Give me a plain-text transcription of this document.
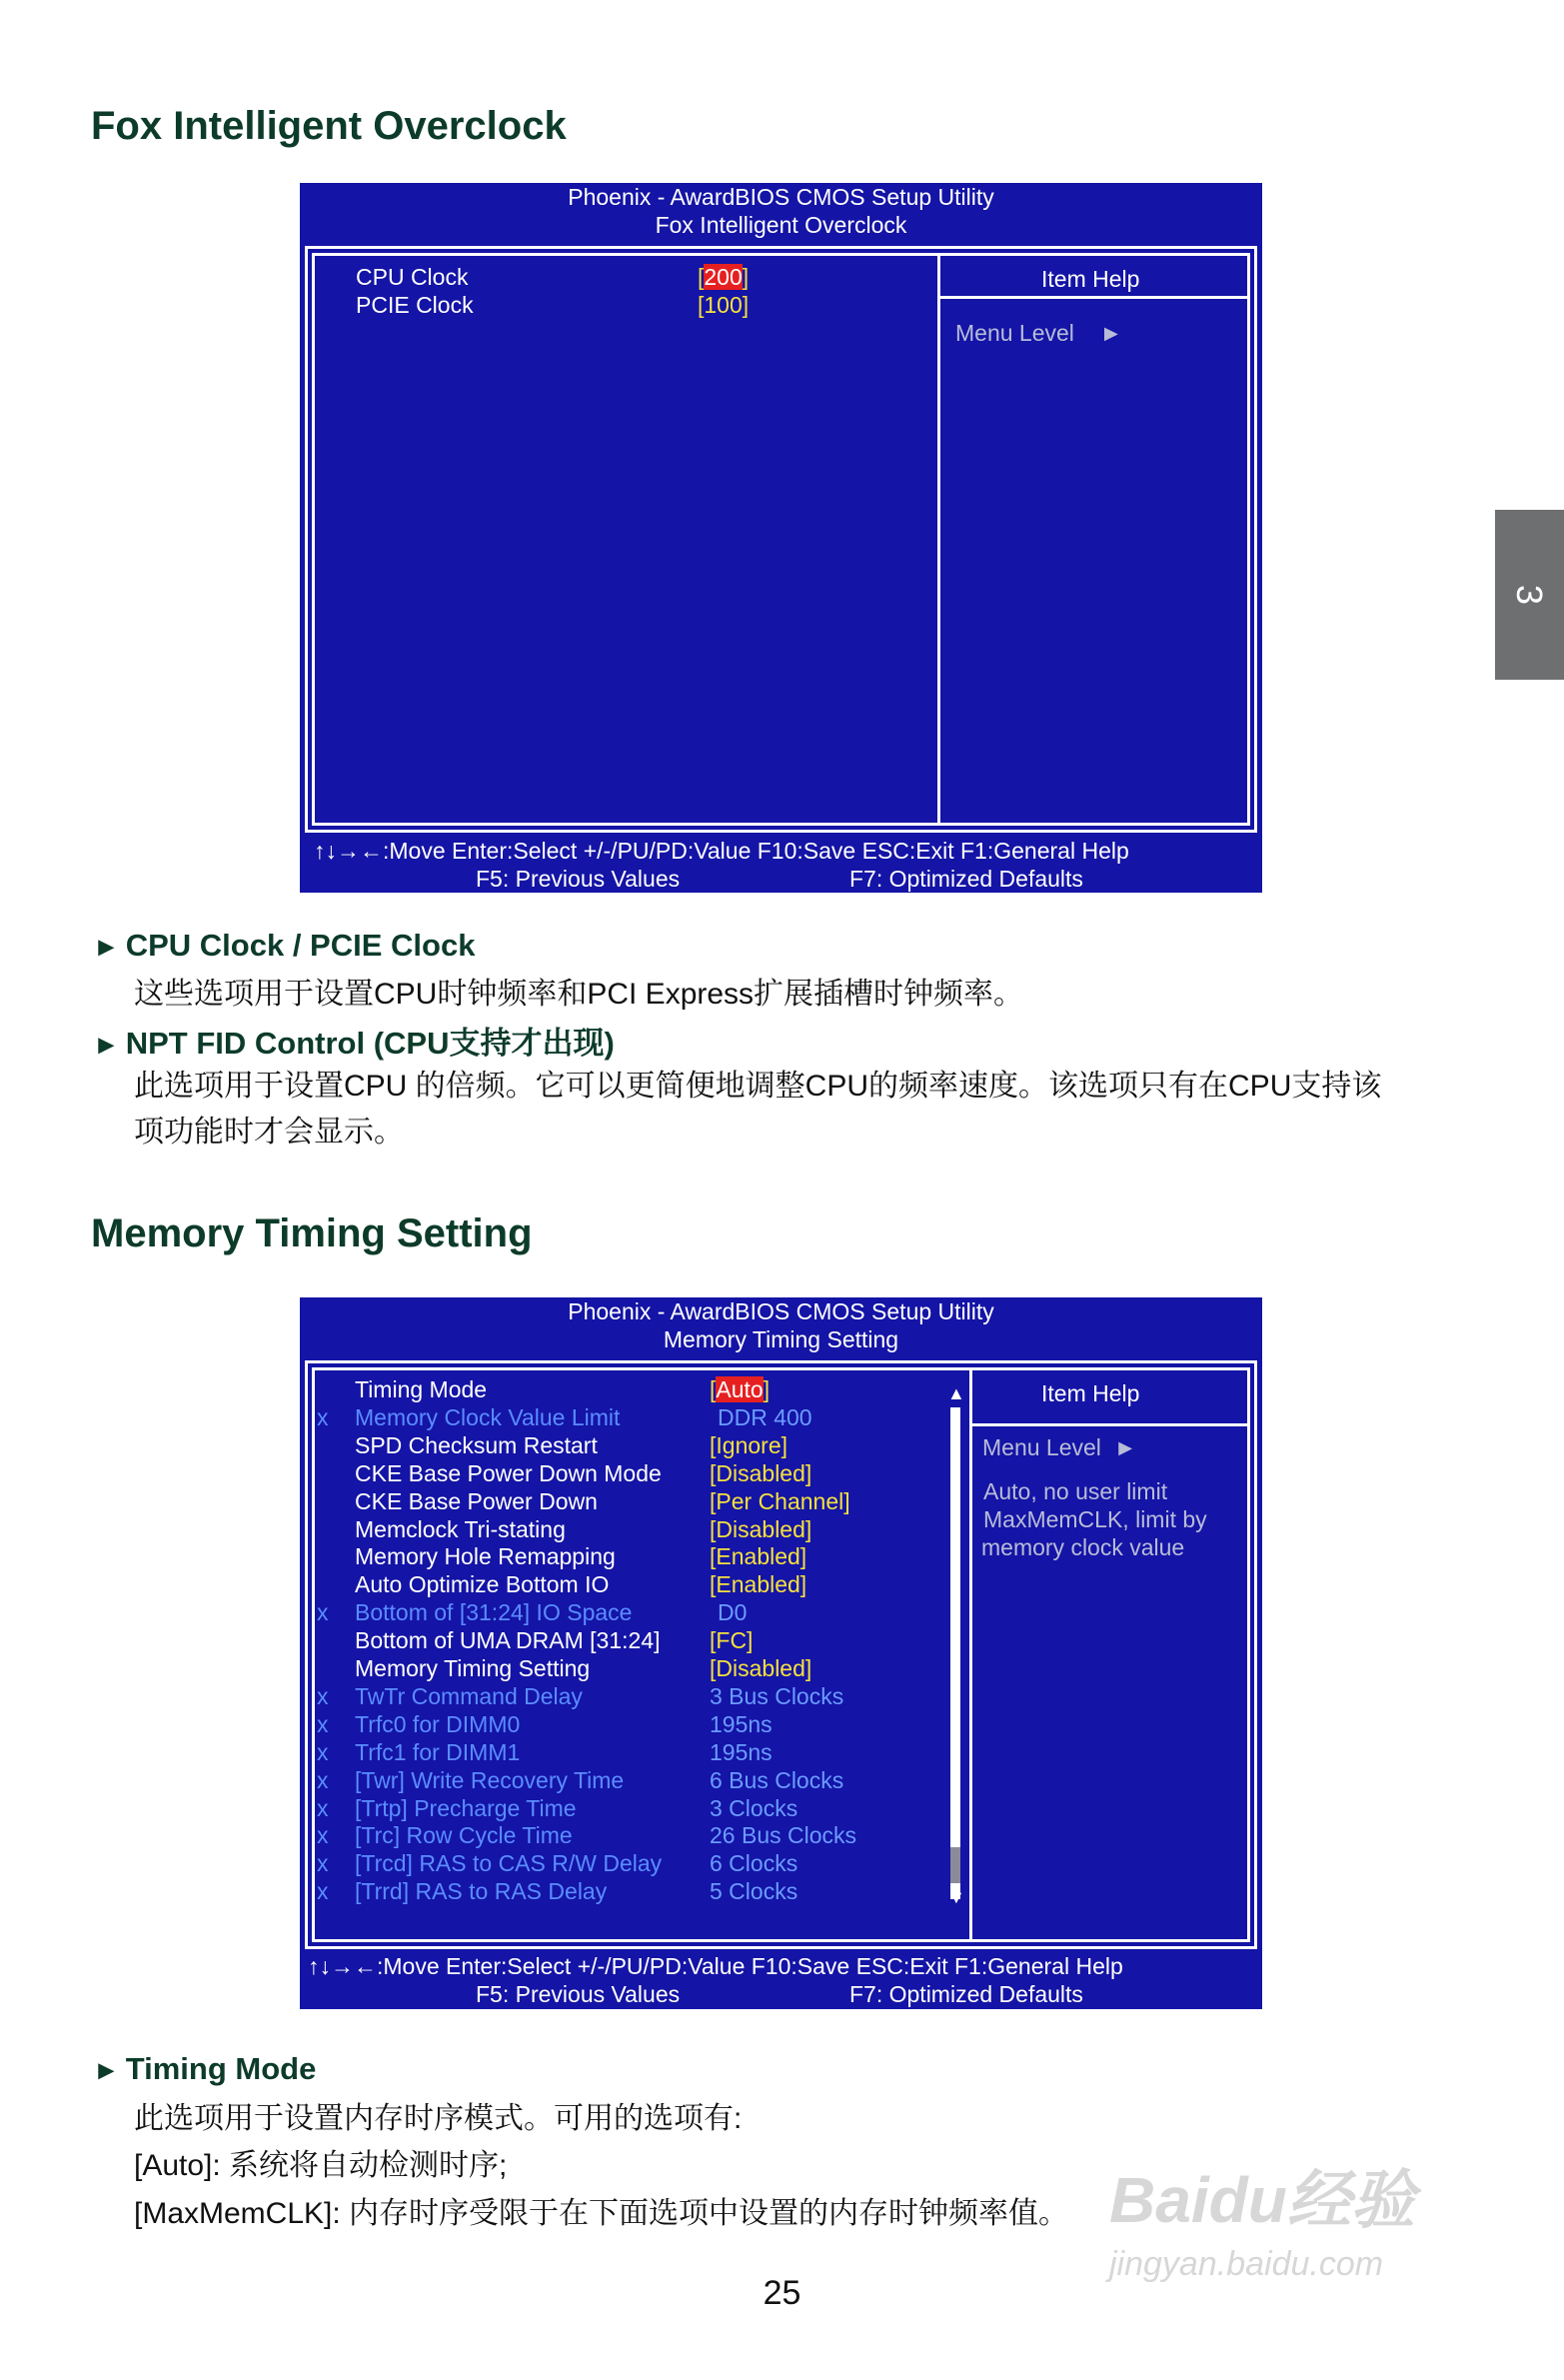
3
Fox Intelligent Overclock
Phoenix - AwardBIOS CMOS Setup Utility
Fox Intelligent Overclock
CPU Clock	[200]
PCIE Clock	[100]
Item Help
Menu Level ►
↑↓→←:Move Enter:Select +/-/PU/PD:Value F10:Save ESC:Exit F1:General Help
F5: Previous Values	F7: Optimized Defaults
► CPU Clock / PCIE Clock
这些选项用于设置CPU时钟频率和PCI Express扩展插槽时钟频率。
► NPT FID Control (CPU支持才出现)
此选项用于设置CPU 的倍频。它可以更简便地调整CPU的频率速度。该选项只有在CPU支持该
项功能时才会显示。
Memory Timing Setting
Phoenix - AwardBIOS CMOS Setup Utility
Memory Timing Setting
▲
▼
Timing Mode	[Auto]
x Memory Clock Value Limit	DDR 400
SPD Checksum Restart	[Ignore]
CKE Base Power Down Mode [Disabled]
CKE Base Power Down	[Per Channel]
Memclock Tri-stating	[Disabled]
Memory Hole Remapping	[Enabled]
Auto Optimize Bottom IO	[Enabled]
x Bottom of [31:24] IO Space	D0
Bottom of UMA DRAM [31:24] [FC]
Memory Timing Setting	[Disabled]
x TwTr Command Delay	3 Bus Clocks
x Trfc0 for DIMM0	195ns
x Trfc1 for DIMM1	195ns
x [Twr] Write Recovery Time	6 Bus Clocks
x [Trtp] Precharge Time	3 Clocks
x [Trc] Row Cycle Time	26 Bus Clocks
x [Trcd] RAS to CAS R/W Delay 6 Clocks
x [Trrd] RAS to RAS Delay	5 Clocks
Item Help
Menu Level ►
Auto, no user limit
MaxMemCLK, limit by
memory clock value
↑↓→←:Move Enter:Select +/-/PU/PD:Value F10:Save ESC:Exit F1:General Help
F5: Previous Values	F7: Optimized Defaults
► Timing Mode
此选项用于设置内存时序模式。可用的选项有:
[Auto]: 系统将自动检测时序;
[MaxMemCLK]: 内存时序受限于在下面选项中设置的内存时钟频率值。 Baidu经验
jingyan.baidu.com
25
